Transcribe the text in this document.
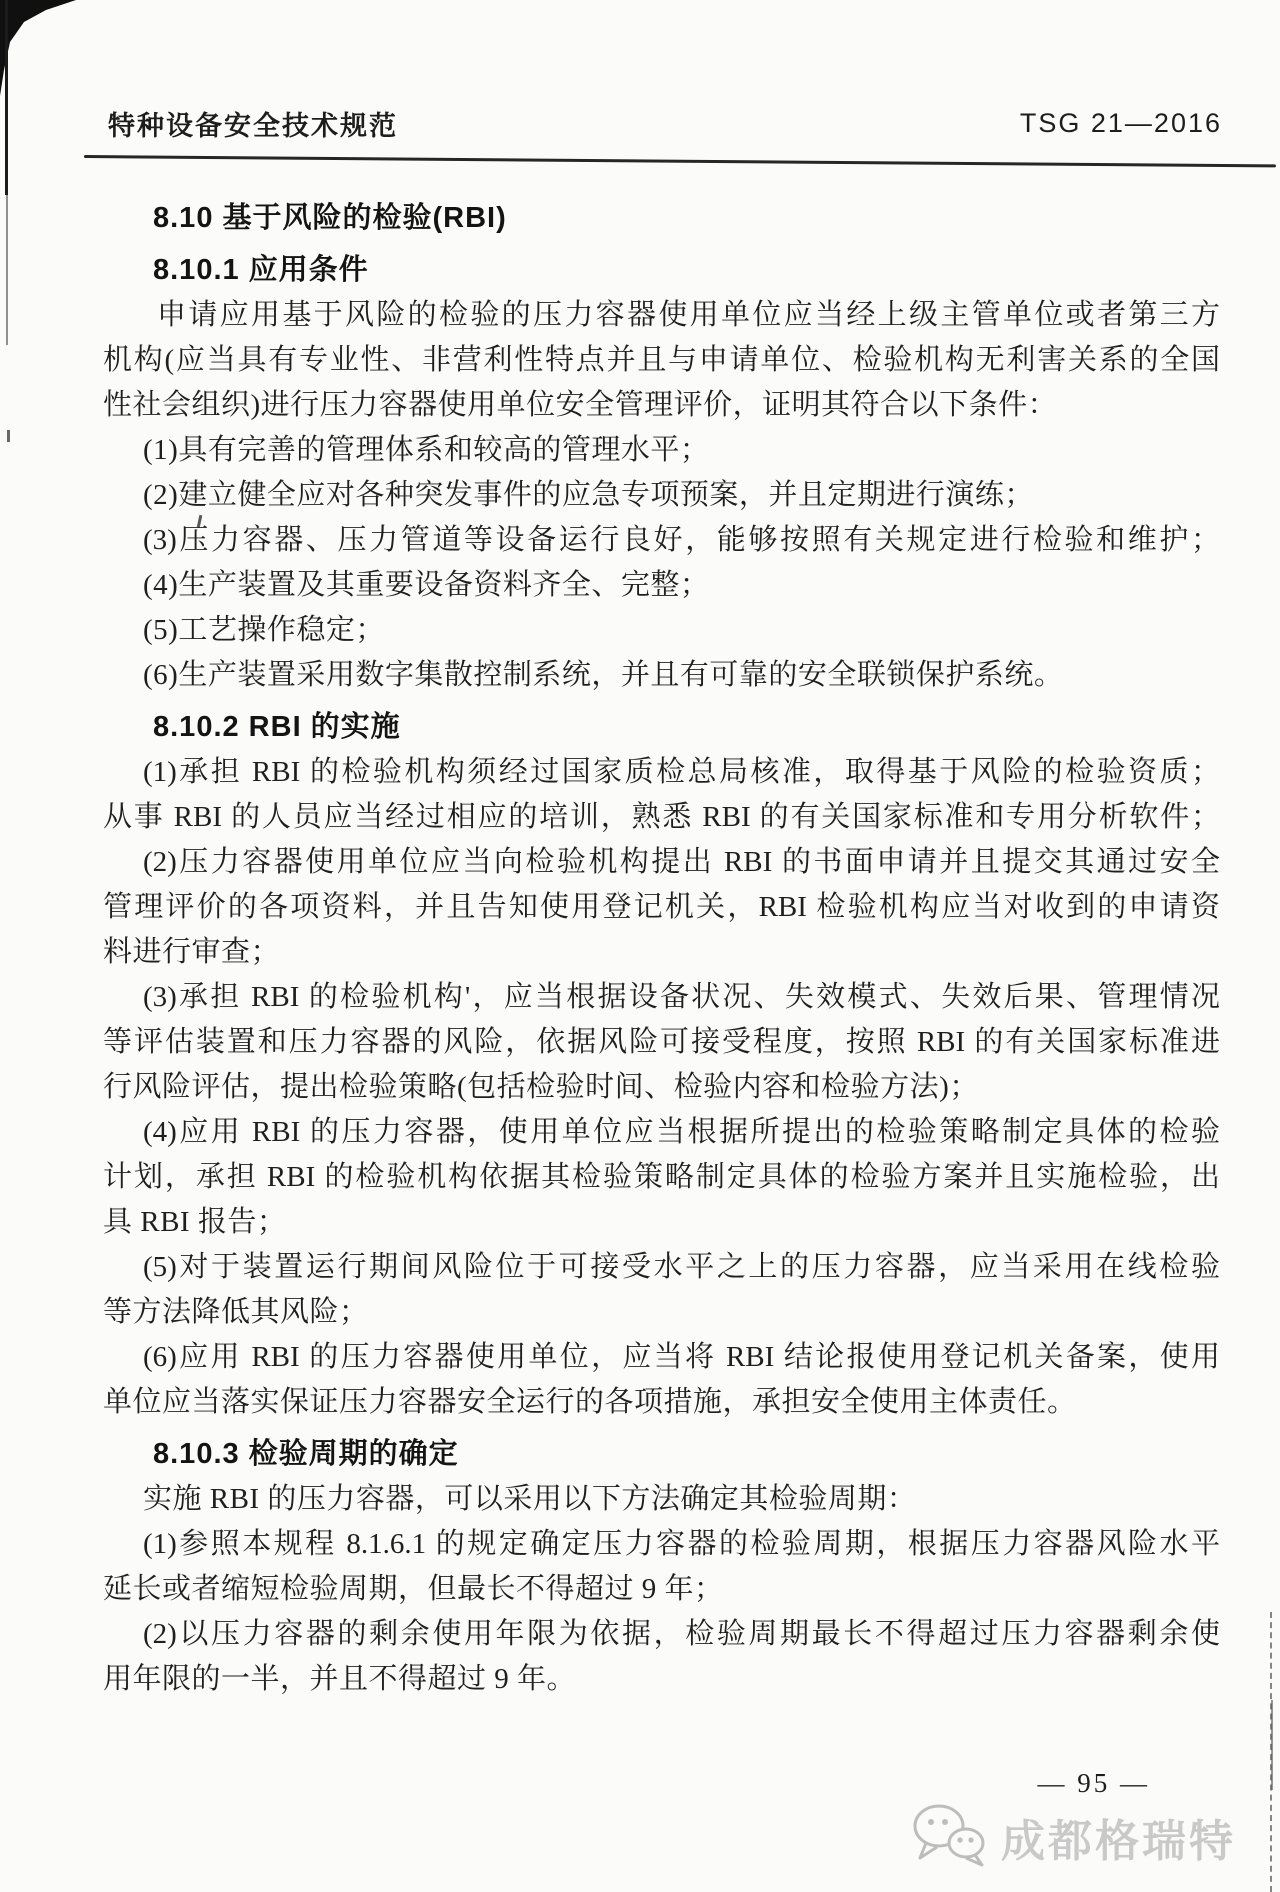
特种设备安全技术规范	TSG 21—2016
8.10 基于风险的检验(RBI)
8.10.1 应用条件
申请应用基于风险的检验的压力容器使用单位应当经上级主管单位或者第三方
机构(应当具有专业性、非营利性特点并且与申请单位、检验机构无利害关系的全国
性社会组织)进行压力容器使用单位安全管理评价，证明其符合以下条件：
(1)具有完善的管理体系和较高的管理水平；
(2)建立健全应对各种突发事件的应急专项预案，并且定期进行演练；
(3)压力容器、压力管道等设备运行良好，能够按照有关规定进行检验和维护；
(4)生产装置及其重要设备资料齐全、完整；
(5)工艺操作稳定；
(6)生产装置采用数字集散控制系统，并且有可靠的安全联锁保护系统。
8.10.2 RBI 的实施
(1)承担 RBI 的检验机构须经过国家质检总局核准，取得基于风险的检验资质；
从事 RBI 的人员应当经过相应的培训，熟悉 RBI 的有关国家标准和专用分析软件；
(2)压力容器使用单位应当向检验机构提出 RBI 的书面申请并且提交其通过安全
管理评价的各项资料，并且告知使用登记机关，RBI 检验机构应当对收到的申请资
料进行审查；
(3)承担 RBI 的检验机构'，应当根据设备状况、失效模式、失效后果、管理情况
等评估装置和压力容器的风险，依据风险可接受程度，按照 RBI 的有关国家标准进
行风险评估，提出检验策略(包括检验时间、检验内容和检验方法)；
(4)应用 RBI 的压力容器，使用单位应当根据所提出的检验策略制定具体的检验
计划，承担 RBI 的检验机构依据其检验策略制定具体的检验方案并且实施检验，出
具 RBI 报告；
(5)对于装置运行期间风险位于可接受水平之上的压力容器，应当采用在线检验
等方法降低其风险；
(6)应用 RBI 的压力容器使用单位，应当将 RBI 结论报使用登记机关备案，使用
单位应当落实保证压力容器安全运行的各项措施，承担安全使用主体责任。
8.10.3 检验周期的确定
实施 RBI 的压力容器，可以采用以下方法确定其检验周期：
(1)参照本规程 8.1.6.1 的规定确定压力容器的检验周期，根据压力容器风险水平
延长或者缩短检验周期，但最长不得超过 9 年；
(2)以压力容器的剩余使用年限为依据，检验周期最长不得超过压力容器剩余使
用年限的一半，并且不得超过 9 年。
— 95 —
成都格瑞特
